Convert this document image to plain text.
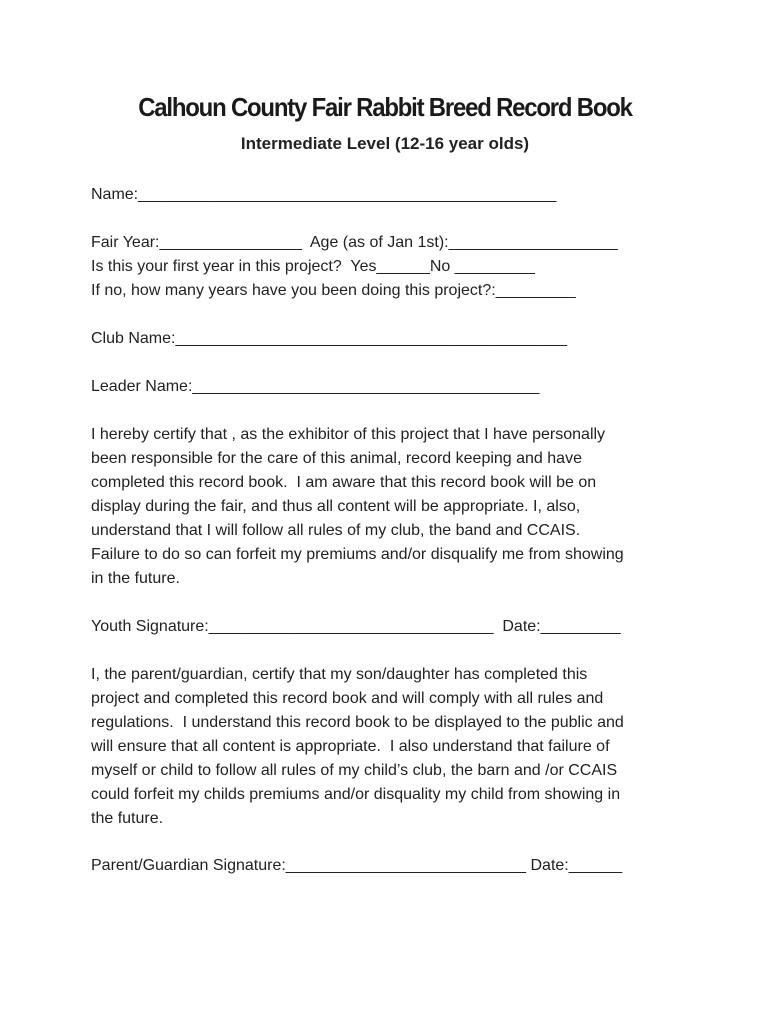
Calhoun County Fair Rabbit Breed Record Book

Intermediate Level (12-16 year olds)

Name:_______________________________________________

Fair Year:________________  Age (as of Jan 1st):___________________

Is this your first year in this project?  Yes______No _________

If no, how many years have you been doing this project?:_________

Club Name:____________________________________________

Leader Name:_______________________________________

I hereby certify that , as the exhibitor of this project that I have personally
been responsible for the care of this animal, record keeping and have
completed this record book.  I am aware that this record book will be on
display during the fair, and thus all content will be appropriate. I, also,
understand that I will follow all rules of my club, the band and CCAIS.
Failure to do so can forfeit my premiums and/or disqualify me from showing
in the future.

Youth Signature:________________________________  Date:_________

I, the parent/guardian, certify that my son/daughter has completed this
project and completed this record book and will comply with all rules and
regulations.  I understand this record book to be displayed to the public and
will ensure that all content is appropriate.  I also understand that failure of
myself or child to follow all rules of my child’s club, the barn and /or CCAIS
could forfeit my childs premiums and/or disquality my child from showing in
the future.

Parent/Guardian Signature:___________________________ Date:______
